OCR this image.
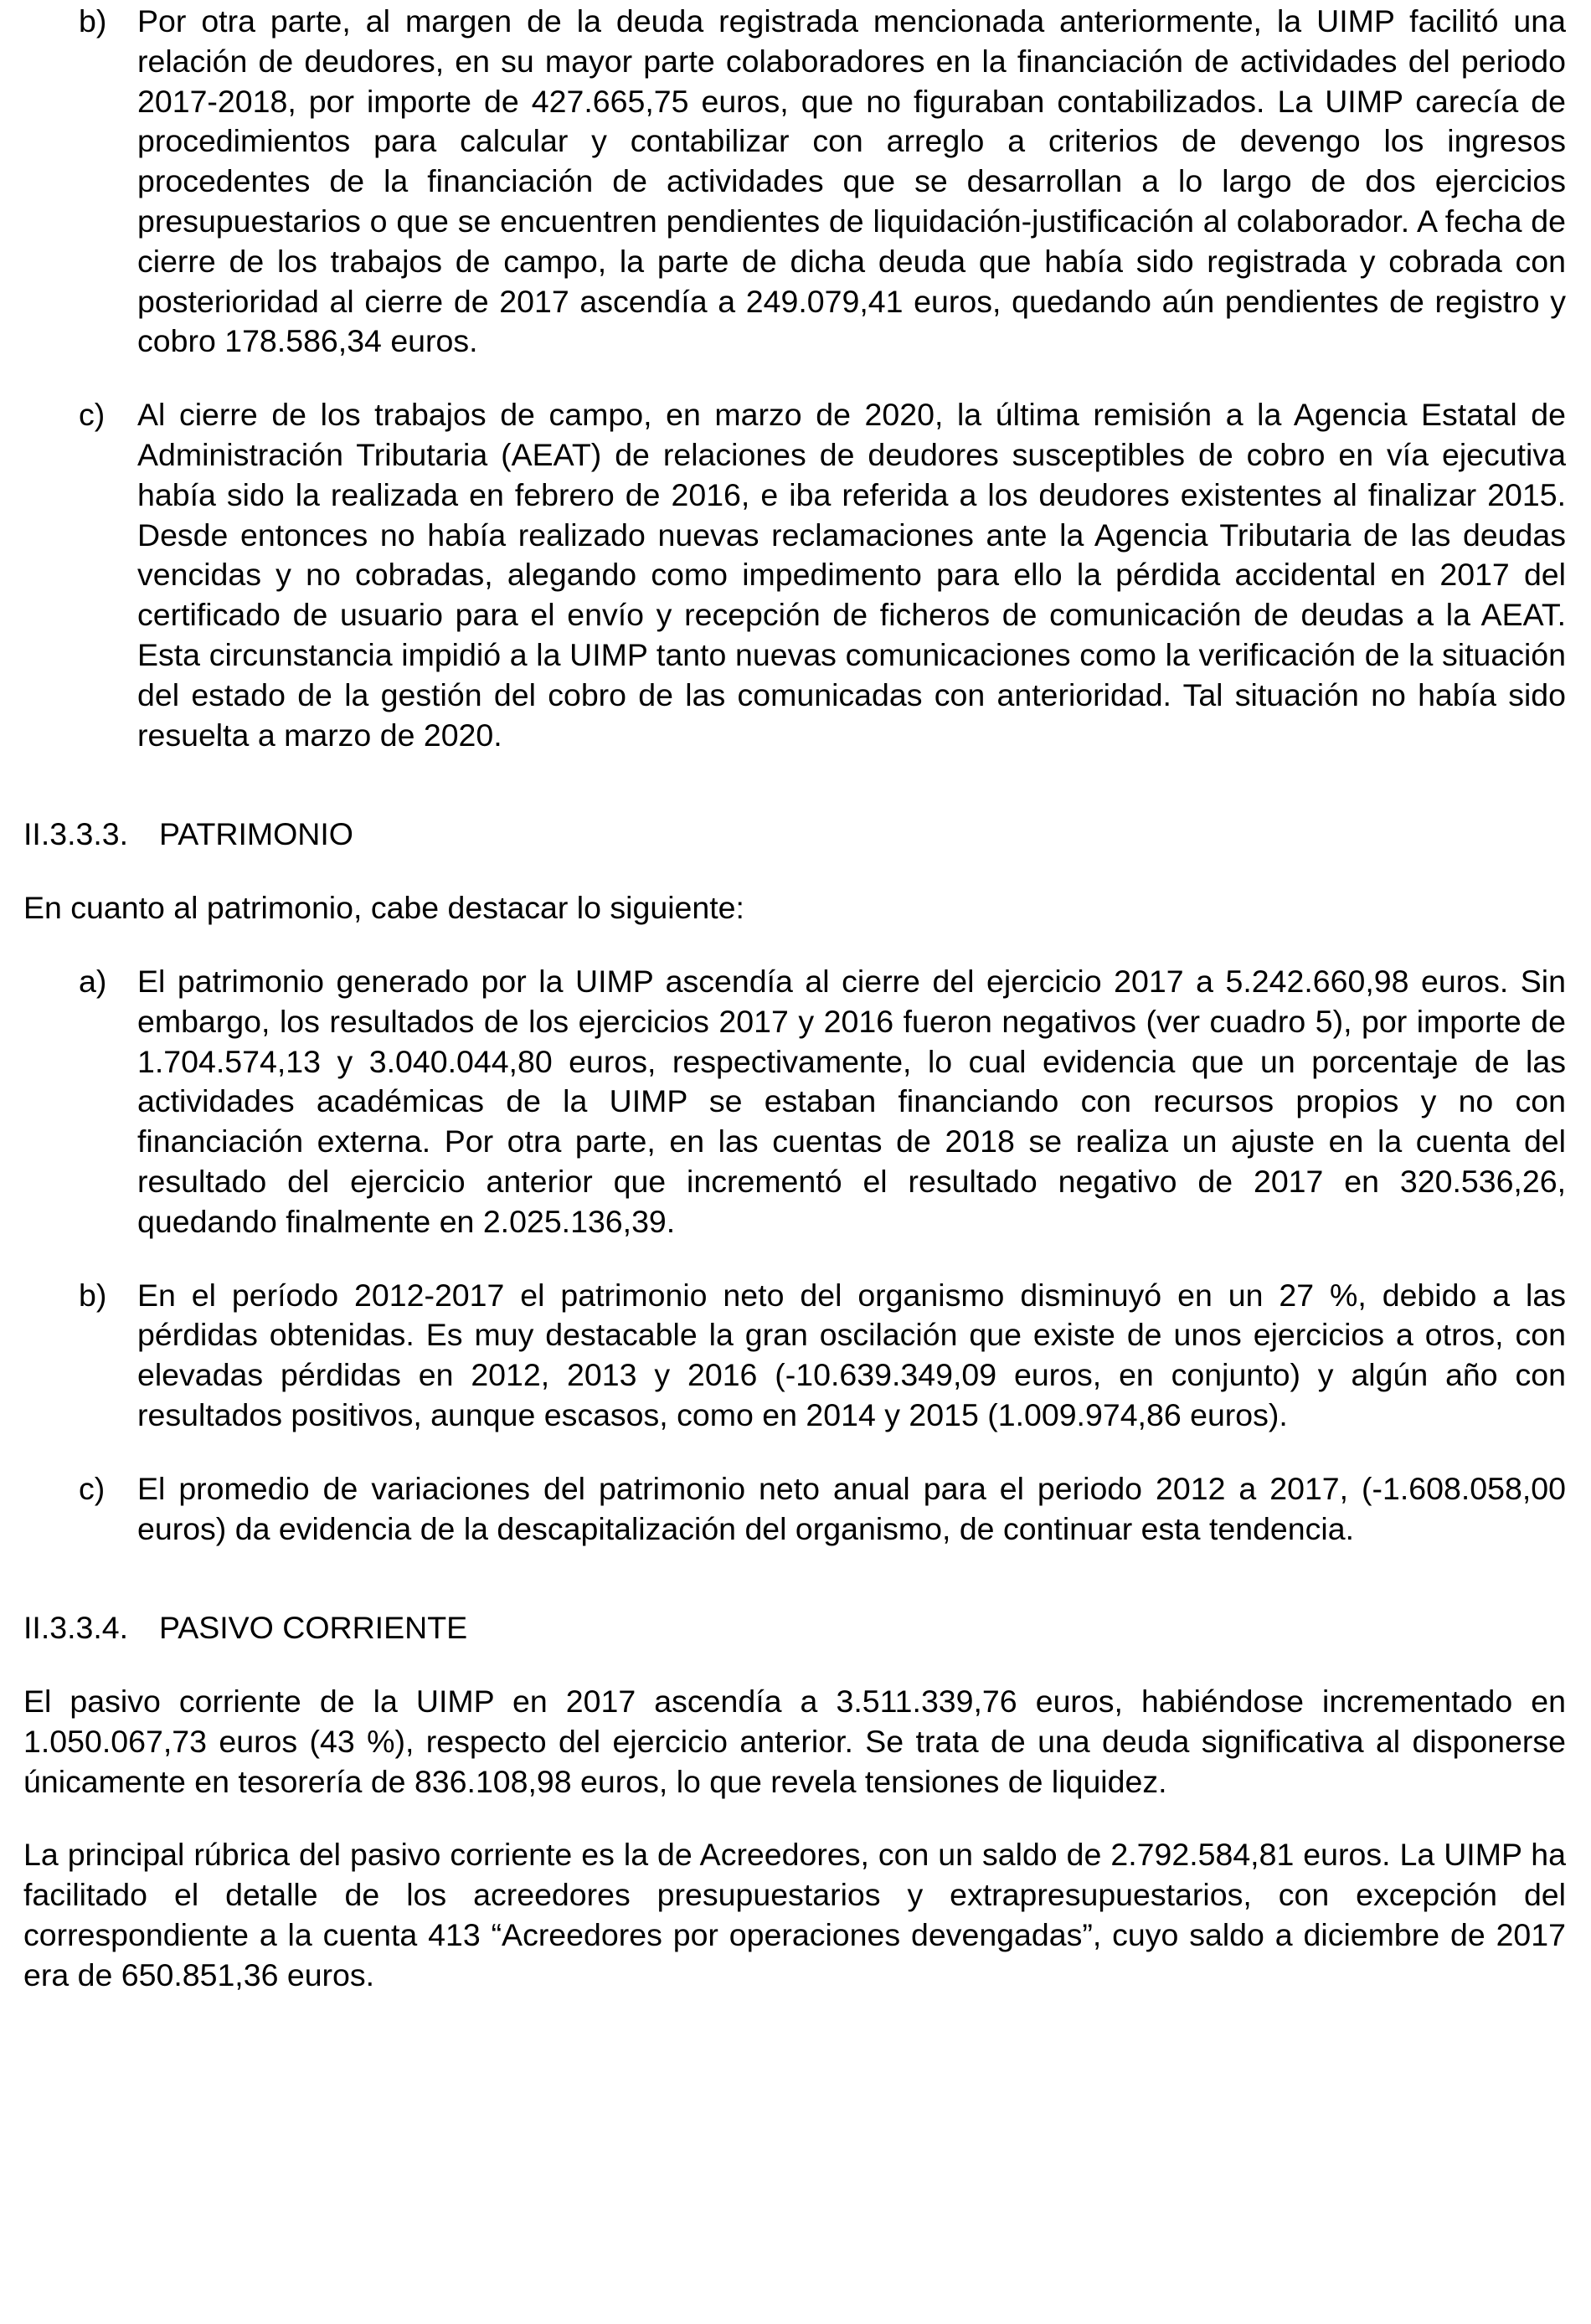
b) Por otra parte, al margen de la deuda registrada mencionada anteriormente, la UIMP facilitó una relación de deudores, en su mayor parte colaboradores en la financiación de actividades del periodo 2017-2018, por importe de 427.665,75 euros, que no figuraban contabilizados. La UIMP carecía de procedimientos para calcular y contabilizar con arreglo a criterios de devengo los ingresos procedentes de la financiación de actividades que se desarrollan a lo largo de dos ejercicios presupuestarios o que se encuentren pendientes de liquidación-justificación al colaborador. A fecha de cierre de los trabajos de campo, la parte de dicha deuda que había sido registrada y cobrada con posterioridad al cierre de 2017 ascendía a 249.079,41 euros, quedando aún pendientes de registro y cobro 178.586,34 euros.
c)	Al cierre de los trabajos de campo, en marzo de 2020, la última remisión a la Agencia Estatal de Administración Tributaria (AEAT) de relaciones de deudores susceptibles de cobro en vía ejecutiva había sido la realizada en febrero de 2016, e iba referida a los deudores existentes al finalizar 2015. Desde entonces no había realizado nuevas reclamaciones ante la Agencia Tributaria de las deudas vencidas y no cobradas, alegando como impedimento para ello la pérdida accidental en 2017 del certificado de usuario para el envío y recepción de ficheros de comunicación de deudas a la AEAT. Esta circunstancia impidió a la UIMP tanto nuevas comunicaciones como la verificación de la situación del estado de la gestión del cobro de las comunicadas con anterioridad. Tal situación no había sido resuelta a marzo de 2020.
II.3.3.3. PATRIMONIO
En cuanto al patrimonio, cabe destacar lo siguiente:
a) El patrimonio generado por la UIMP ascendía al cierre del ejercicio 2017 a 5.242.660,98 euros. Sin embargo, los resultados de los ejercicios 2017 y 2016 fueron negativos (ver cuadro 5), por importe de 1.704.574,13 y 3.040.044,80 euros, respectivamente, lo cual evidencia que un porcentaje de las actividades académicas de la UIMP se estaban financiando con recursos propios y no con financiación externa. Por otra parte, en las cuentas de 2018 se realiza un ajuste en la cuenta del resultado del ejercicio anterior que incrementó el resultado negativo de 2017 en 320.536,26, quedando finalmente en 2.025.136,39.
b) En el período 2012-2017 el patrimonio neto del organismo disminuyó en un 27 %, debido a las pérdidas obtenidas. Es muy destacable la gran oscilación que existe de unos ejercicios a otros, con elevadas pérdidas en 2012, 2013 y 2016 (-10.639.349,09 euros, en conjunto) y algún año con resultados positivos, aunque escasos, como en 2014 y 2015 (1.009.974,86 euros).
c)	El promedio de variaciones del patrimonio neto anual para el periodo 2012 a 2017, (-1.608.058,00 euros) da evidencia de la descapitalización del organismo, de continuar esta tendencia.
II.3.3.4. PASIVO CORRIENTE
El pasivo corriente de la UIMP en 2017 ascendía a 3.511.339,76 euros, habiéndose incrementado en 1.050.067,73 euros (43 %), respecto del ejercicio anterior. Se trata de una deuda significativa al disponerse únicamente en tesorería de 836.108,98 euros, lo que revela tensiones de liquidez.
La principal rúbrica del pasivo corriente es la de Acreedores, con un saldo de 2.792.584,81 euros. La UIMP ha facilitado el detalle de los acreedores presupuestarios y extrapresupuestarios, con excepción del correspondiente a la cuenta 413 “Acreedores por operaciones devengadas”, cuyo saldo a diciembre de 2017 era de 650.851,36 euros.
